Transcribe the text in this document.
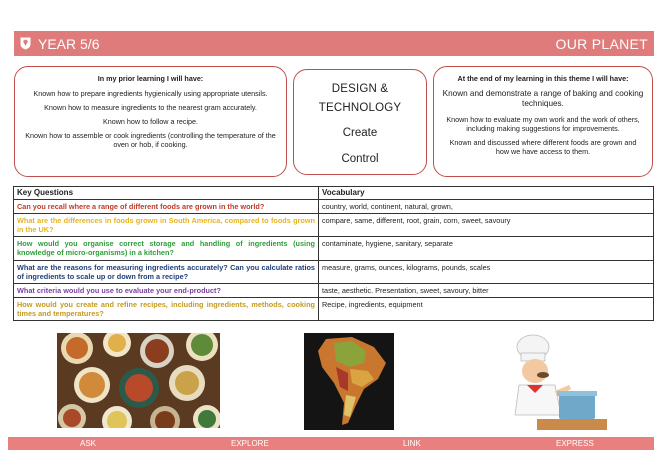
YEAR 5/6	OUR PLANET
In my prior learning I will have:

Known how to prepare ingredients hygienically using appropriate utensils.

Known how to measure ingredients to the nearest gram accurately.

Known how to follow a recipe.

Known how to assemble or cook ingredients (controlling the temperature of the oven or hob, if cooking.

DESIGN &
TECHNOLOGY
Create
Control
At the end of my learning in this theme I will have:

Known and demonstrate a range of baking and cooking techniques.

Known how to evaluate my own work and the work of others, including making suggestions for improvements.

Known and discussed where different foods are grown and how we have access to them.

Key Questions	Vocabulary
Can you recall where a range of different foods are grown in the world?	country, world, continent, natural, grown,
What are the differences in foods grown in South America, compared to foods grown in the UK?	compare, same, different, root, grain, corn, sweet, savoury
How would you organise correct storage and handling of ingredients (using knowledge of micro-organisms) in a kitchen?	contaminate, hygiene, sanitary, separate
What are the reasons for measuring ingredients accurately? Can you calculate ratios of ingredients to scale up or down from a recipe?	measure, grams, ounces, kilograms, pounds, scales
What criteria would you use to evaluate your end-product?	taste, aesthetic. Presentation, sweet, savoury, bitter
How would you create and refine recipes, including ingredients, methods, cooking times and temperatures?	Recipe, ingredients, equipment
ASK	EXPLORE	LINK	EXPRESS
